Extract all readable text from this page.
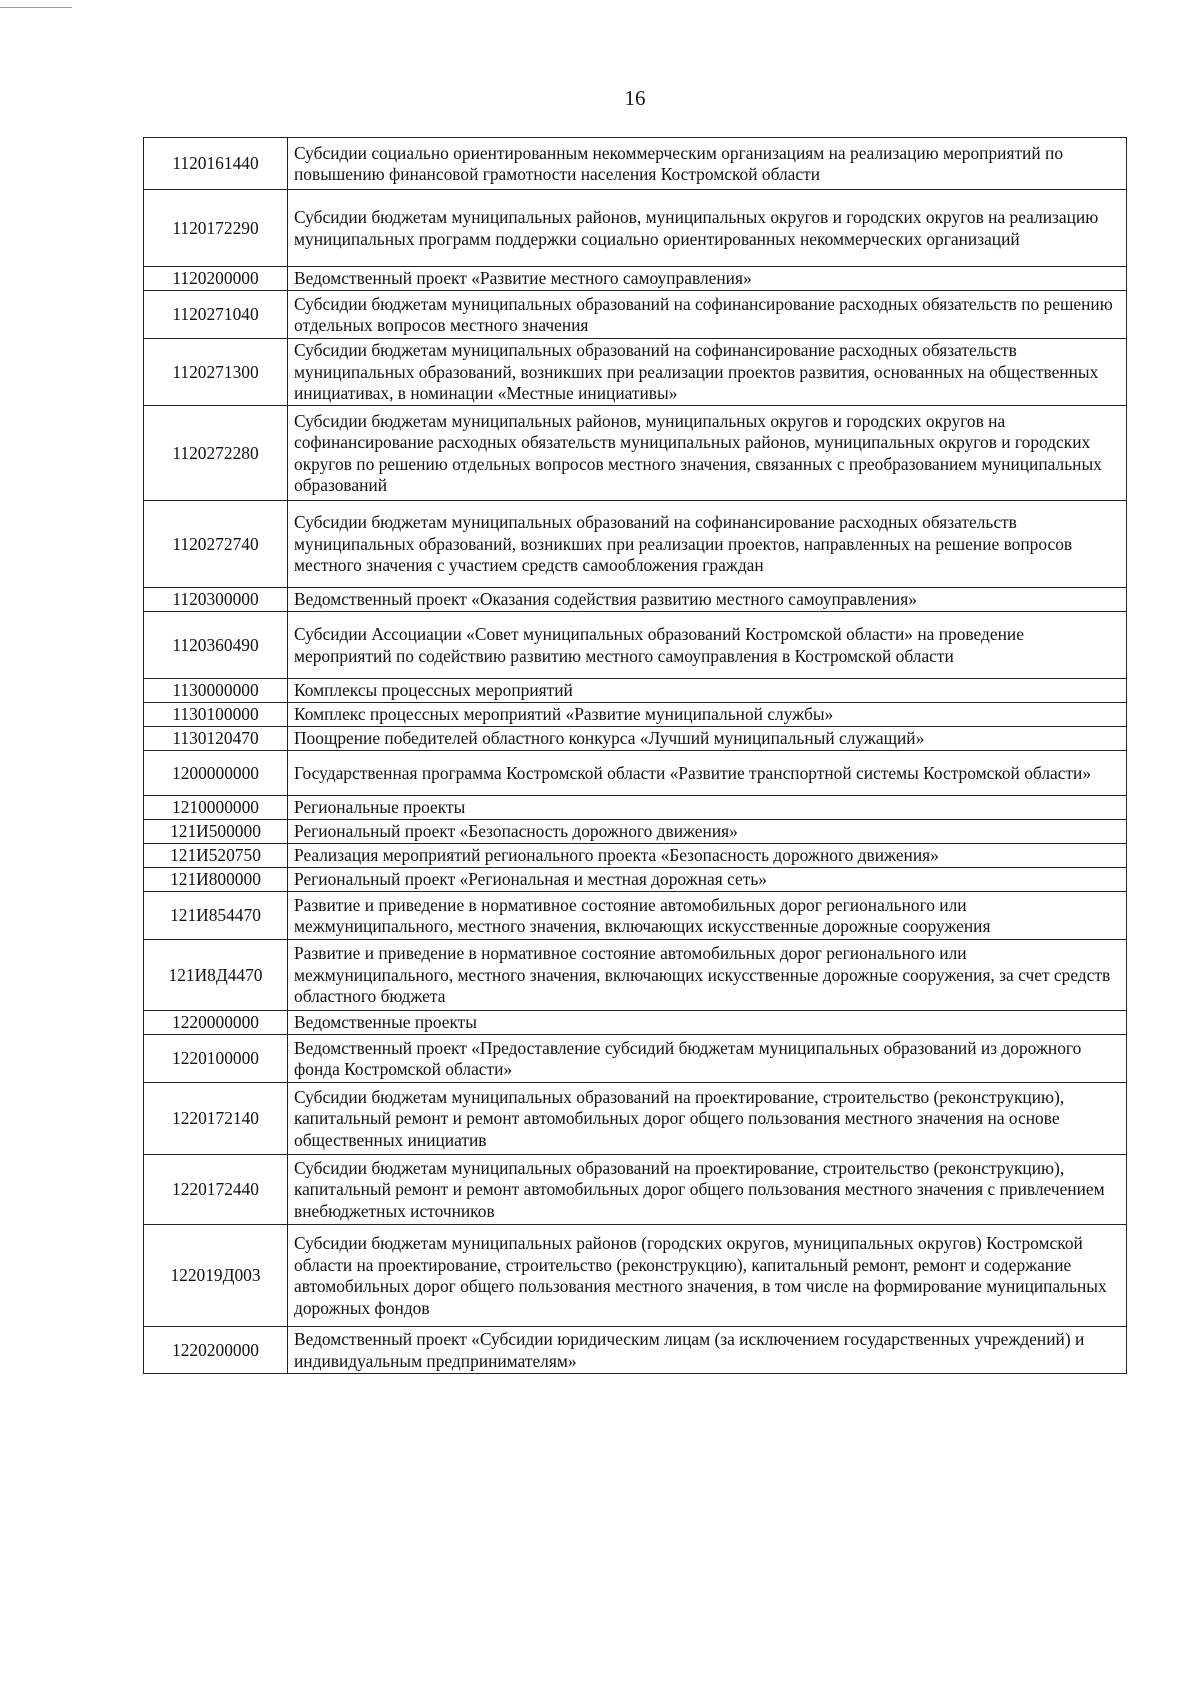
16
1120161440	Субсидии социально ориентированным некоммерческим организациям на реализацию мероприятий по повышению финансовой грамотности населения Костромской области
1120172290	Субсидии бюджетам муниципальных районов, муниципальных округов и городских округов на реализацию муниципальных программ поддержки социально ориентированных некоммерческих организаций
1120200000	Ведомственный проект «Развитие местного самоуправления»
1120271040	Субсидии бюджетам муниципальных образований на софинансирование расходных обязательств по решению отдельных вопросов местного значения
1120271300	Субсидии бюджетам муниципальных образований на софинансирование расходных обязательств муниципальных образований, возникших при реализации проектов развития, основанных на общественных инициативах, в номинации «Местные инициативы»
1120272280	Субсидии бюджетам муниципальных районов, муниципальных округов и городских округов на софинансирование расходных обязательств муниципальных районов, муниципальных округов и городских округов по решению отдельных вопросов местного значения, связанных с преобразованием муниципальных образований
1120272740	Субсидии бюджетам муниципальных образований на софинансирование расходных обязательств муниципальных образований, возникших при реализации проектов, направленных на решение вопросов местного значения с участием средств самообложения граждан
1120300000	Ведомственный проект «Оказания содействия развитию местного самоуправления»
1120360490	Субсидии Ассоциации «Совет муниципальных образований Костромской области» на проведение мероприятий по содействию развитию местного самоуправления в Костромской области
1130000000	Комплексы процессных мероприятий
1130100000	Комплекс процессных мероприятий «Развитие муниципальной службы»
1130120470	Поощрение победителей областного конкурса «Лучший муниципальный служащий»
1200000000	Государственная программа Костромской области «Развитие транспортной системы Костромской области»
1210000000	Региональные проекты
121И500000	Региональный проект «Безопасность дорожного движения»
121И520750	Реализация мероприятий регионального проекта «Безопасность дорожного движения»
121И800000	Региональный проект «Региональная и местная дорожная сеть»
121И854470	Развитие и приведение в нормативное состояние автомобильных дорог регионального или межмуниципального, местного значения, включающих искусственные дорожные сооружения
121И8Д4470	Развитие и приведение в нормативное состояние автомобильных дорог регионального или межмуниципального, местного значения, включающих искусственные дорожные сооружения, за счет средств областного бюджета
1220000000	Ведомственные проекты
1220100000	Ведомственный проект «Предоставление субсидий бюджетам муниципальных образований из дорожного фонда Костромской области»
1220172140	Субсидии бюджетам муниципальных образований на проектирование, строительство (реконструкцию), капитальный ремонт и ремонт автомобильных дорог общего пользования местного значения на основе общественных инициатив
1220172440	Субсидии бюджетам муниципальных образований на проектирование, строительство (реконструкцию), капитальный ремонт и ремонт автомобильных дорог общего пользования местного значения с привлечением внебюджетных источников
122019Д003	Субсидии бюджетам муниципальных районов (городских округов, муниципальных округов) Костромской области на проектирование, строительство (реконструкцию), капитальный ремонт, ремонт и содержание автомобильных дорог общего пользования местного значения, в том числе на формирование муниципальных дорожных фондов
1220200000	Ведомственный проект «Субсидии юридическим лицам (за исключением государственных учреждений) и индивидуальным предпринимателям»
